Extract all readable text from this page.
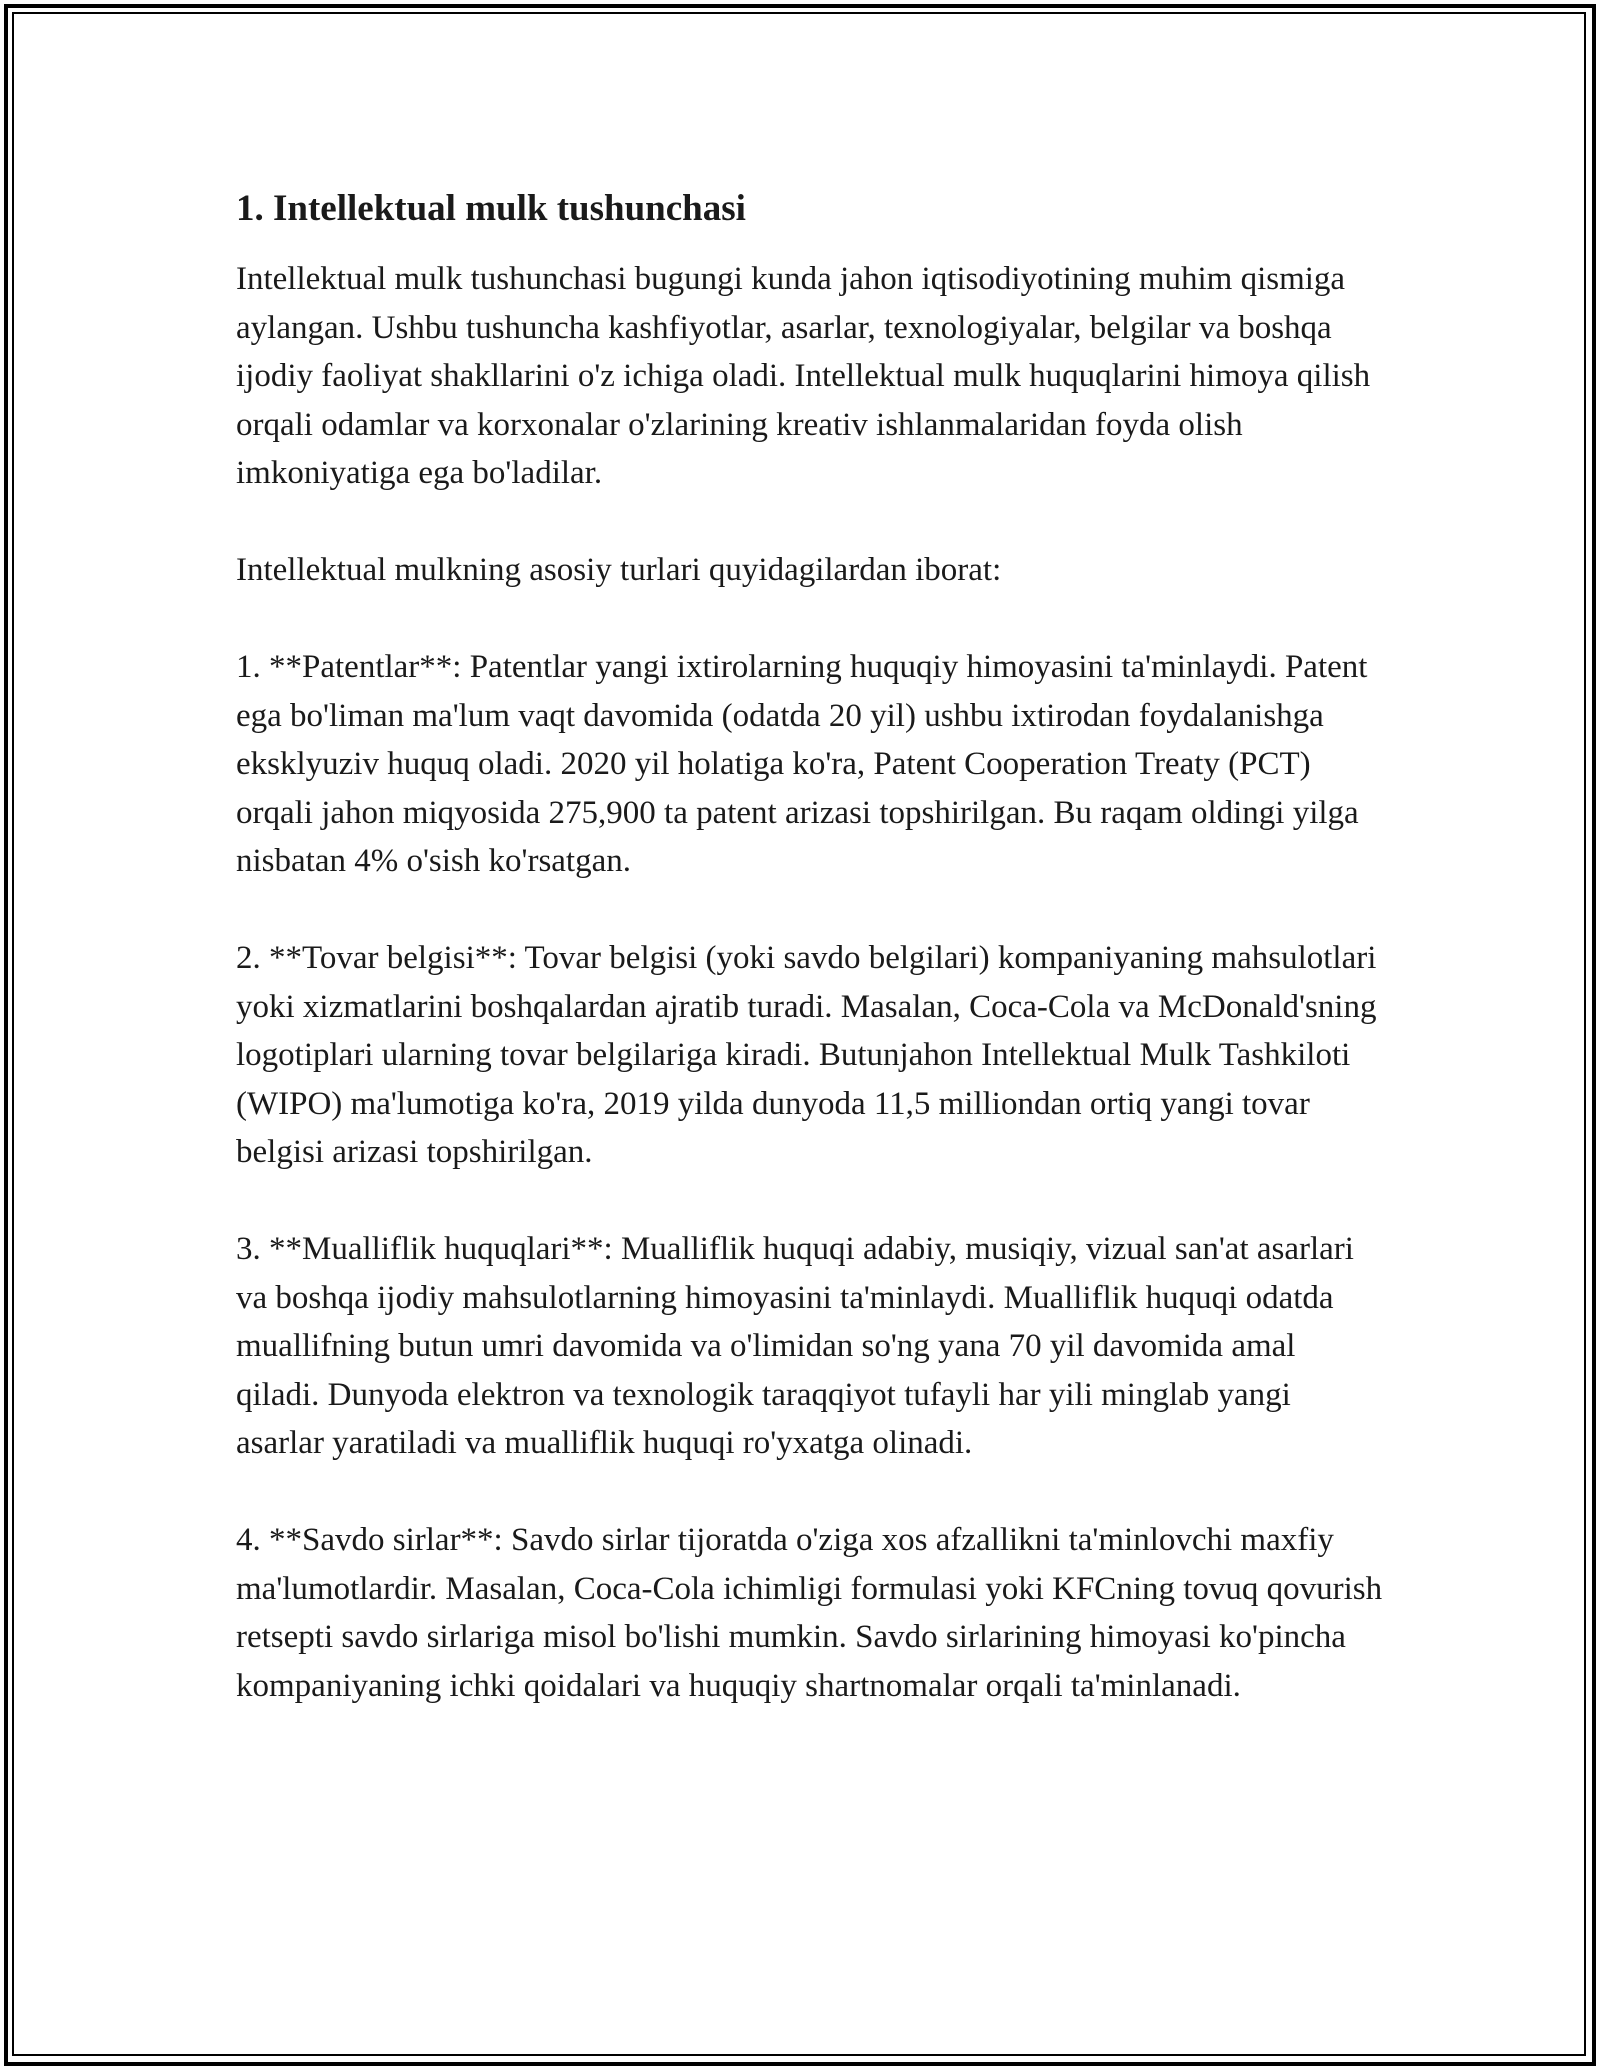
1. Intellektual mulk tushunchasi

Intellektual mulk tushunchasi bugungi kunda jahon iqtisodiyotining muhim qismiga aylangan. Ushbu tushuncha kashfiyotlar, asarlar, texnologiyalar, belgilar va boshqa ijodiy faoliyat shakllarini o'z ichiga oladi. Intellektual mulk huquqlarini himoya qilish orqali odamlar va korxonalar o'zlarining kreativ ishlanmalaridan foyda olish imkoniyatiga ega bo'ladilar.

Intellektual mulkning asosiy turlari quyidagilardan iborat:

1. **Patentlar**: Patentlar yangi ixtirolarning huquqiy himoyasini ta'minlaydi. Patent ega bo'liman ma'lum vaqt davomida (odatda 20 yil) ushbu ixtirodan foydalanishga eksklyuziv huquq oladi. 2020 yil holatiga ko'ra, Patent Cooperation Treaty (PCT) orqali jahon miqyosida 275,900 ta patent arizasi topshirilgan. Bu raqam oldingi yilga nisbatan 4% o'sish ko'rsatgan.

2. **Tovar belgisi**: Tovar belgisi (yoki savdo belgilari) kompaniyaning mahsulotlari yoki xizmatlarini boshqalardan ajratib turadi. Masalan, Coca-Cola va McDonald'sning logotiplari ularning tovar belgilariga kiradi. Butunjahon Intellektual Mulk Tashkiloti (WIPO) ma'lumotiga ko'ra, 2019 yilda dunyoda 11,5 milliondan ortiq yangi tovar belgisi arizasi topshirilgan.

3. **Mualliflik huquqlari**: Mualliflik huquqi adabiy, musiqiy, vizual san'at asarlari va boshqa ijodiy mahsulotlarning himoyasini ta'minlaydi. Mualliflik huquqi odatda muallifning butun umri davomida va o'limidan so'ng yana 70 yil davomida amal qiladi. Dunyoda elektron va texnologik taraqqiyot tufayli har yili minglab yangi asarlar yaratiladi va mualliflik huquqi ro'yxatga olinadi.

4. **Savdo sirlar**: Savdo sirlar tijoratda o'ziga xos afzallikni ta'minlovchi maxfiy ma'lumotlardir. Masalan, Coca-Cola ichimligi formulasi yoki KFCning tovuq qovurish retsepti savdo sirlariga misol bo'lishi mumkin. Savdo sirlarining himoyasi ko'pincha kompaniyaning ichki qoidalari va huquqiy shartnomalar orqali ta'minlanadi.
